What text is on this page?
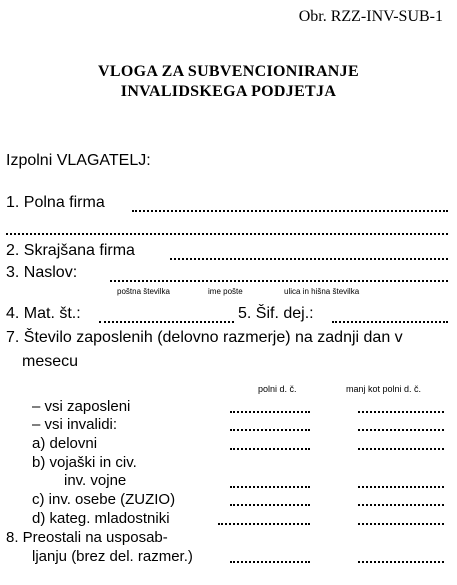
Obr. RZZ-INV-SUB-1
VLOGA ZA SUBVENCIONIRANJE
INVALIDSKEGA PODJETJA
Izpolni VLAGATELJ:
1. Polna firma
2. Skrajšana firma
3. Naslov:
poštna številka	ime pošte	ulica in hišna številka
4. Mat. št.:	5. Šif. dej.:
7. Število zaposlenih (delovno razmerje) na zadnji dan v
mesecu
polni d. č.	manj kot polni d. č.
– vsi zaposleni
– vsi invalidi:
a) delovni
b) vojaški in civ.
inv. vojne
c) inv. osebe (ZUZIO)
d) kateg. mladostniki
8. Preostali na usposab-
ljanju (brez del. razmer.)
